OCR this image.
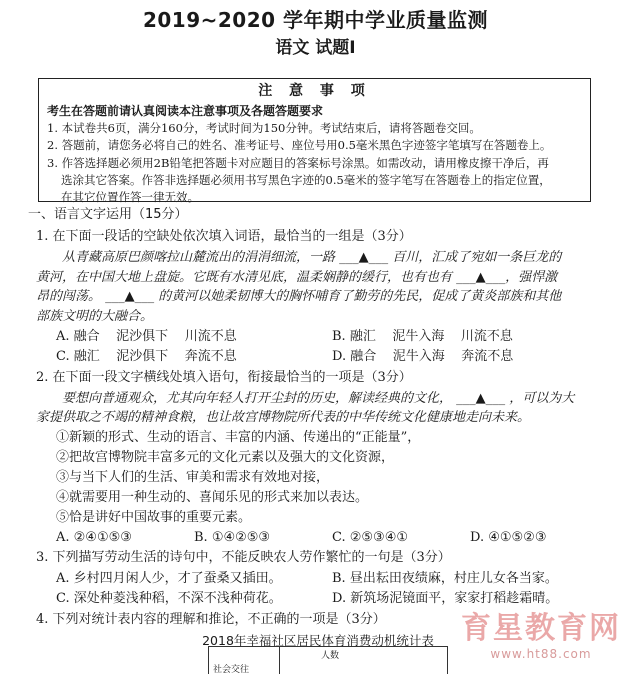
2019~2020 学年期中学业质量监测
语文 试题Ⅰ
注 意 事 项
考生在答题前请认真阅读本注意事项及各题答题要求
1. 本试卷共6页，满分160分，考试时间为150分钟。考试结束后，请将答题卷交回。
2. 答题前，请您务必将自己的姓名、准考证号、座位号用0.5毫米黑色字迹签字笔填写在答题卷上。
3. 作答选择题必须用2B铅笔把答题卡对应题目的答案标号涂黑。如需改动，请用橡皮擦干净后，再
选涂其它答案。作答非选择题必须用书写黑色字迹的0.5毫米的签字笔写在答题卷上的指定位置，
在其它位置作答一律无效。
一、语言文字运用（15分）
1. 在下面一段话的空缺处依次填入词语，最恰当的一组是（3分）
从青藏高原巴颜喀拉山麓流出的涓涓细流，一路 ___▲___ 百川，汇成了宛如一条巨龙的
黄河，在中国大地上盘旋。它既有水清见底，温柔娴静的缓行，也有也有 ___▲___，强悍激
昂的闯荡。 ___▲___ 的黄河以她柔韧博大的胸怀哺育了勤劳的先民，促成了黄炎部族和其他
部族文明的大融合。
A. 融合    泥沙俱下    川流不息	B. 融汇    泥牛入海    川流不息
C. 融汇    泥沙俱下    奔流不息	D. 融合    泥牛入海    奔流不息
2. 在下面一段文字横线处填入语句，衔接最恰当的一项是（3分）
要想向普通观众，尤其向年轻人打开尘封的历史，解读经典的文化， ___▲___ ，可以为大
家提供取之不竭的精神食粮，也让故宫博物院所代表的中华传统文化健康地走向未来。
①新颖的形式、生动的语言、丰富的内涵、传递出的“正能量”，
②把故宫博物院丰富多元的文化元素以及强大的文化资源，
③与当下人们的生活、审美和需求有效地对接，
④就需要用一种生动的、喜闻乐见的形式来加以表达。
⑤恰是讲好中国故事的重要元素。
A. ②④①⑤③	B. ①④②⑤③	C. ②⑤③④①	D. ④①⑤②③
3. 下列描写劳动生活的诗句中，不能反映农人劳作繁忙的一句是（3分）
A. 乡村四月闲人少，才了蚕桑又插田。	B. 昼出耘田夜绩麻，村庄儿女各当家。
C. 深处种菱浅种稻，不深不浅种荷花。	D. 新筑场泥镜面平，家家打稻趁霜晴。
4. 下列对统计表内容的理解和推论，不正确的一项是（3分）
2018年幸福社区居民体育消费动机统计表
人数
社会交往
育星教育网
www.ht88.com
